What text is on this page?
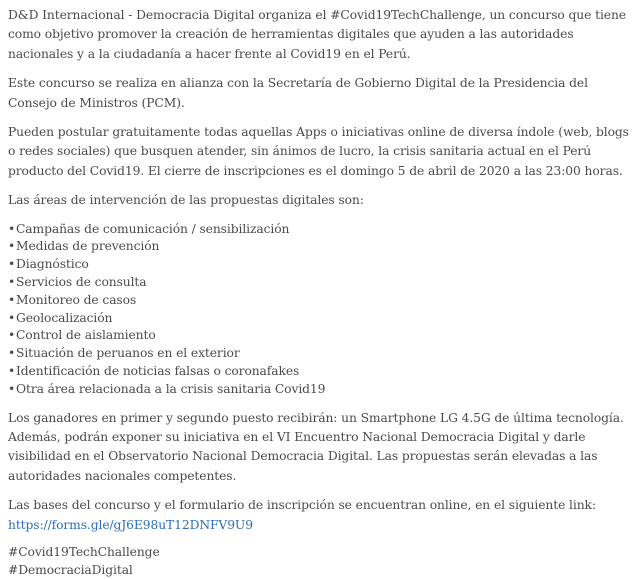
D&D Internacional - Democracia Digital organiza el #Covid19TechChallenge, un concurso que tiene como objetivo promover la creación de herramientas digitales que ayuden a las autoridades nacionales y a la ciudadanía a hacer frente al Covid19 en el Perú.

Este concurso se realiza en alianza con la Secretaría de Gobierno Digital de la Presidencia del Consejo de Ministros (PCM).

Pueden postular gratuitamente todas aquellas Apps o iniciativas online de diversa índole (web, blogs o redes sociales) que busquen atender, sin ánimos de lucro, la crisis sanitaria actual en el Perú producto del Covid19. El cierre de inscripciones es el domingo 5 de abril de 2020 a las 23:00 horas.

Las áreas de intervención de las propuestas digitales son:

•Campañas de comunicación / sensibilización
•Medidas de prevención
•Diagnóstico
•Servicios de consulta
•Monitoreo de casos
•Geolocalización
•Control de aislamiento
•Situación de peruanos en el exterior
•Identificación de noticias falsas o coronafakes
•Otra área relacionada a la crisis sanitaria Covid19

Los ganadores en primer y segundo puesto recibirán: un Smartphone LG 4.5G de última tecnología. Además, podrán exponer su iniciativa en el VI Encuentro Nacional Democracia Digital y darle visibilidad en el Observatorio Nacional Democracia Digital. Las propuestas serán elevadas a las autoridades nacionales competentes.

Las bases del concurso y el formulario de inscripción se encuentran online, en el siguiente link:
https://forms.gle/gJ6E98uT12DNFV9U9

#Covid19TechChallenge

#DemocraciaDigital
